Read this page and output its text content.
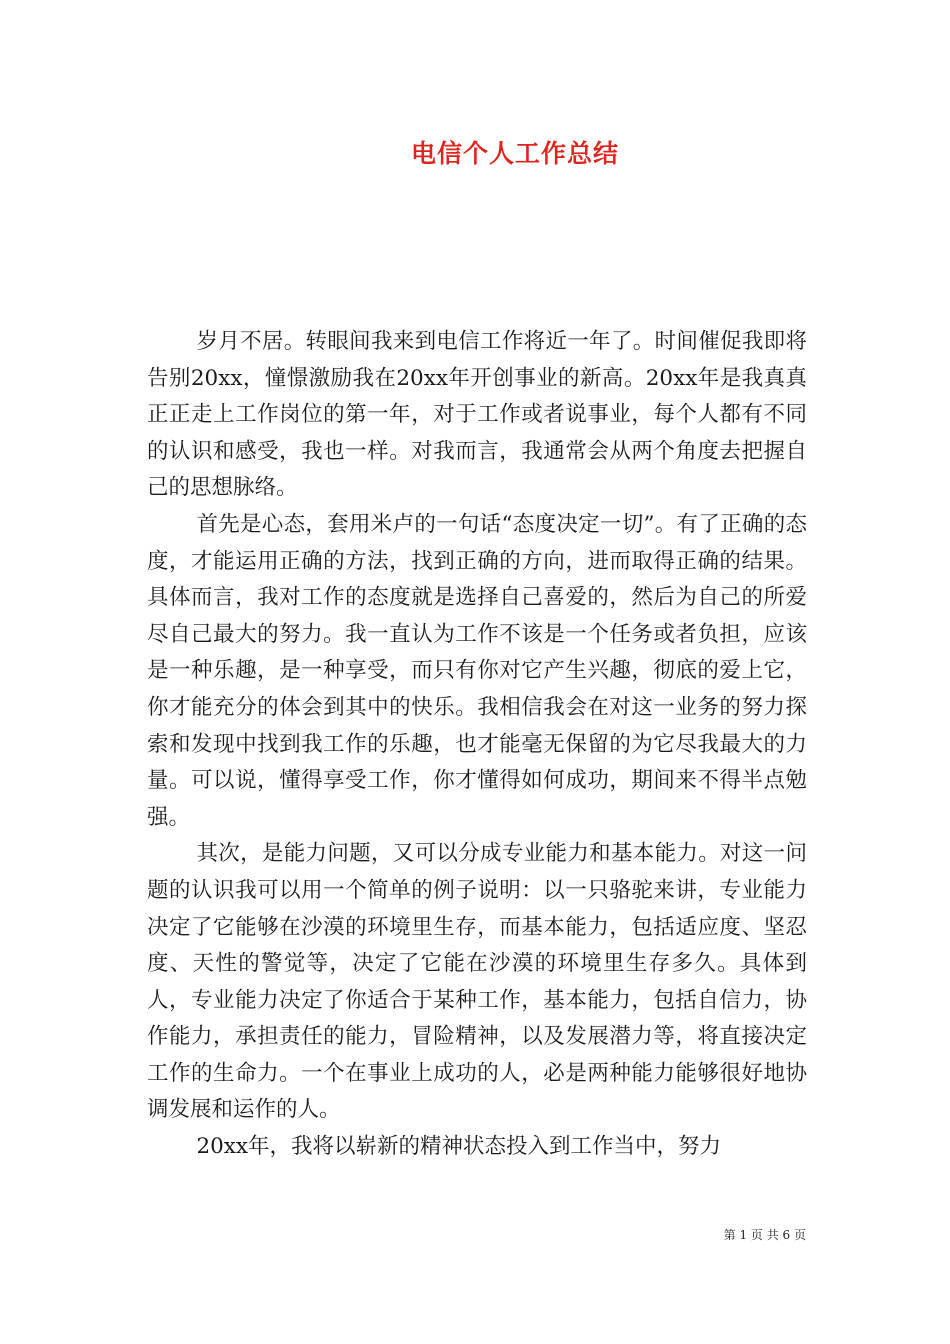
电信个人工作总结

岁月不居。转眼间我来到电信工作将近一年了。时间催促我即将告别20xx，憧憬激励我在20xx年开创事业的新高。20xx年是我真真正正走上工作岗位的第一年，对于工作或者说事业，每个人都有不同的认识和感受，我也一样。对我而言，我通常会从两个角度去把握自己的思想脉络。

首先是心态，套用米卢的一句话“态度决定一切”。有了正确的态度，才能运用正确的方法，找到正确的方向，进而取得正确的结果。具体而言，我对工作的态度就是选择自己喜爱的，然后为自己的所爱尽自己最大的努力。我一直认为工作不该是一个任务或者负担，应该是一种乐趣，是一种享受，而只有你对它产生兴趣，彻底的爱上它，你才能充分的体会到其中的快乐。我相信我会在对这一业务的努力探索和发现中找到我工作的乐趣，也才能毫无保留的为它尽我最大的力量。可以说，懂得享受工作，你才懂得如何成功，期间来不得半点勉强。

其次，是能力问题，又可以分成专业能力和基本能力。对这一问题的认识我可以用一个简单的例子说明：以一只骆驼来讲，专业能力决定了它能够在沙漠的环境里生存，而基本能力，包括适应度、坚忍度、天性的警觉等，决定了它能在沙漠的环境里生存多久。具体到人，专业能力决定了你适合于某种工作，基本能力，包括自信力，协作能力，承担责任的能力，冒险精神，以及发展潜力等，将直接决定工作的生命力。一个在事业上成功的人，必是两种能力能够很好地协调发展和运作的人。

20xx年，我将以崭新的精神状态投入到工作当中，努力

第 1 页 共 6 页
